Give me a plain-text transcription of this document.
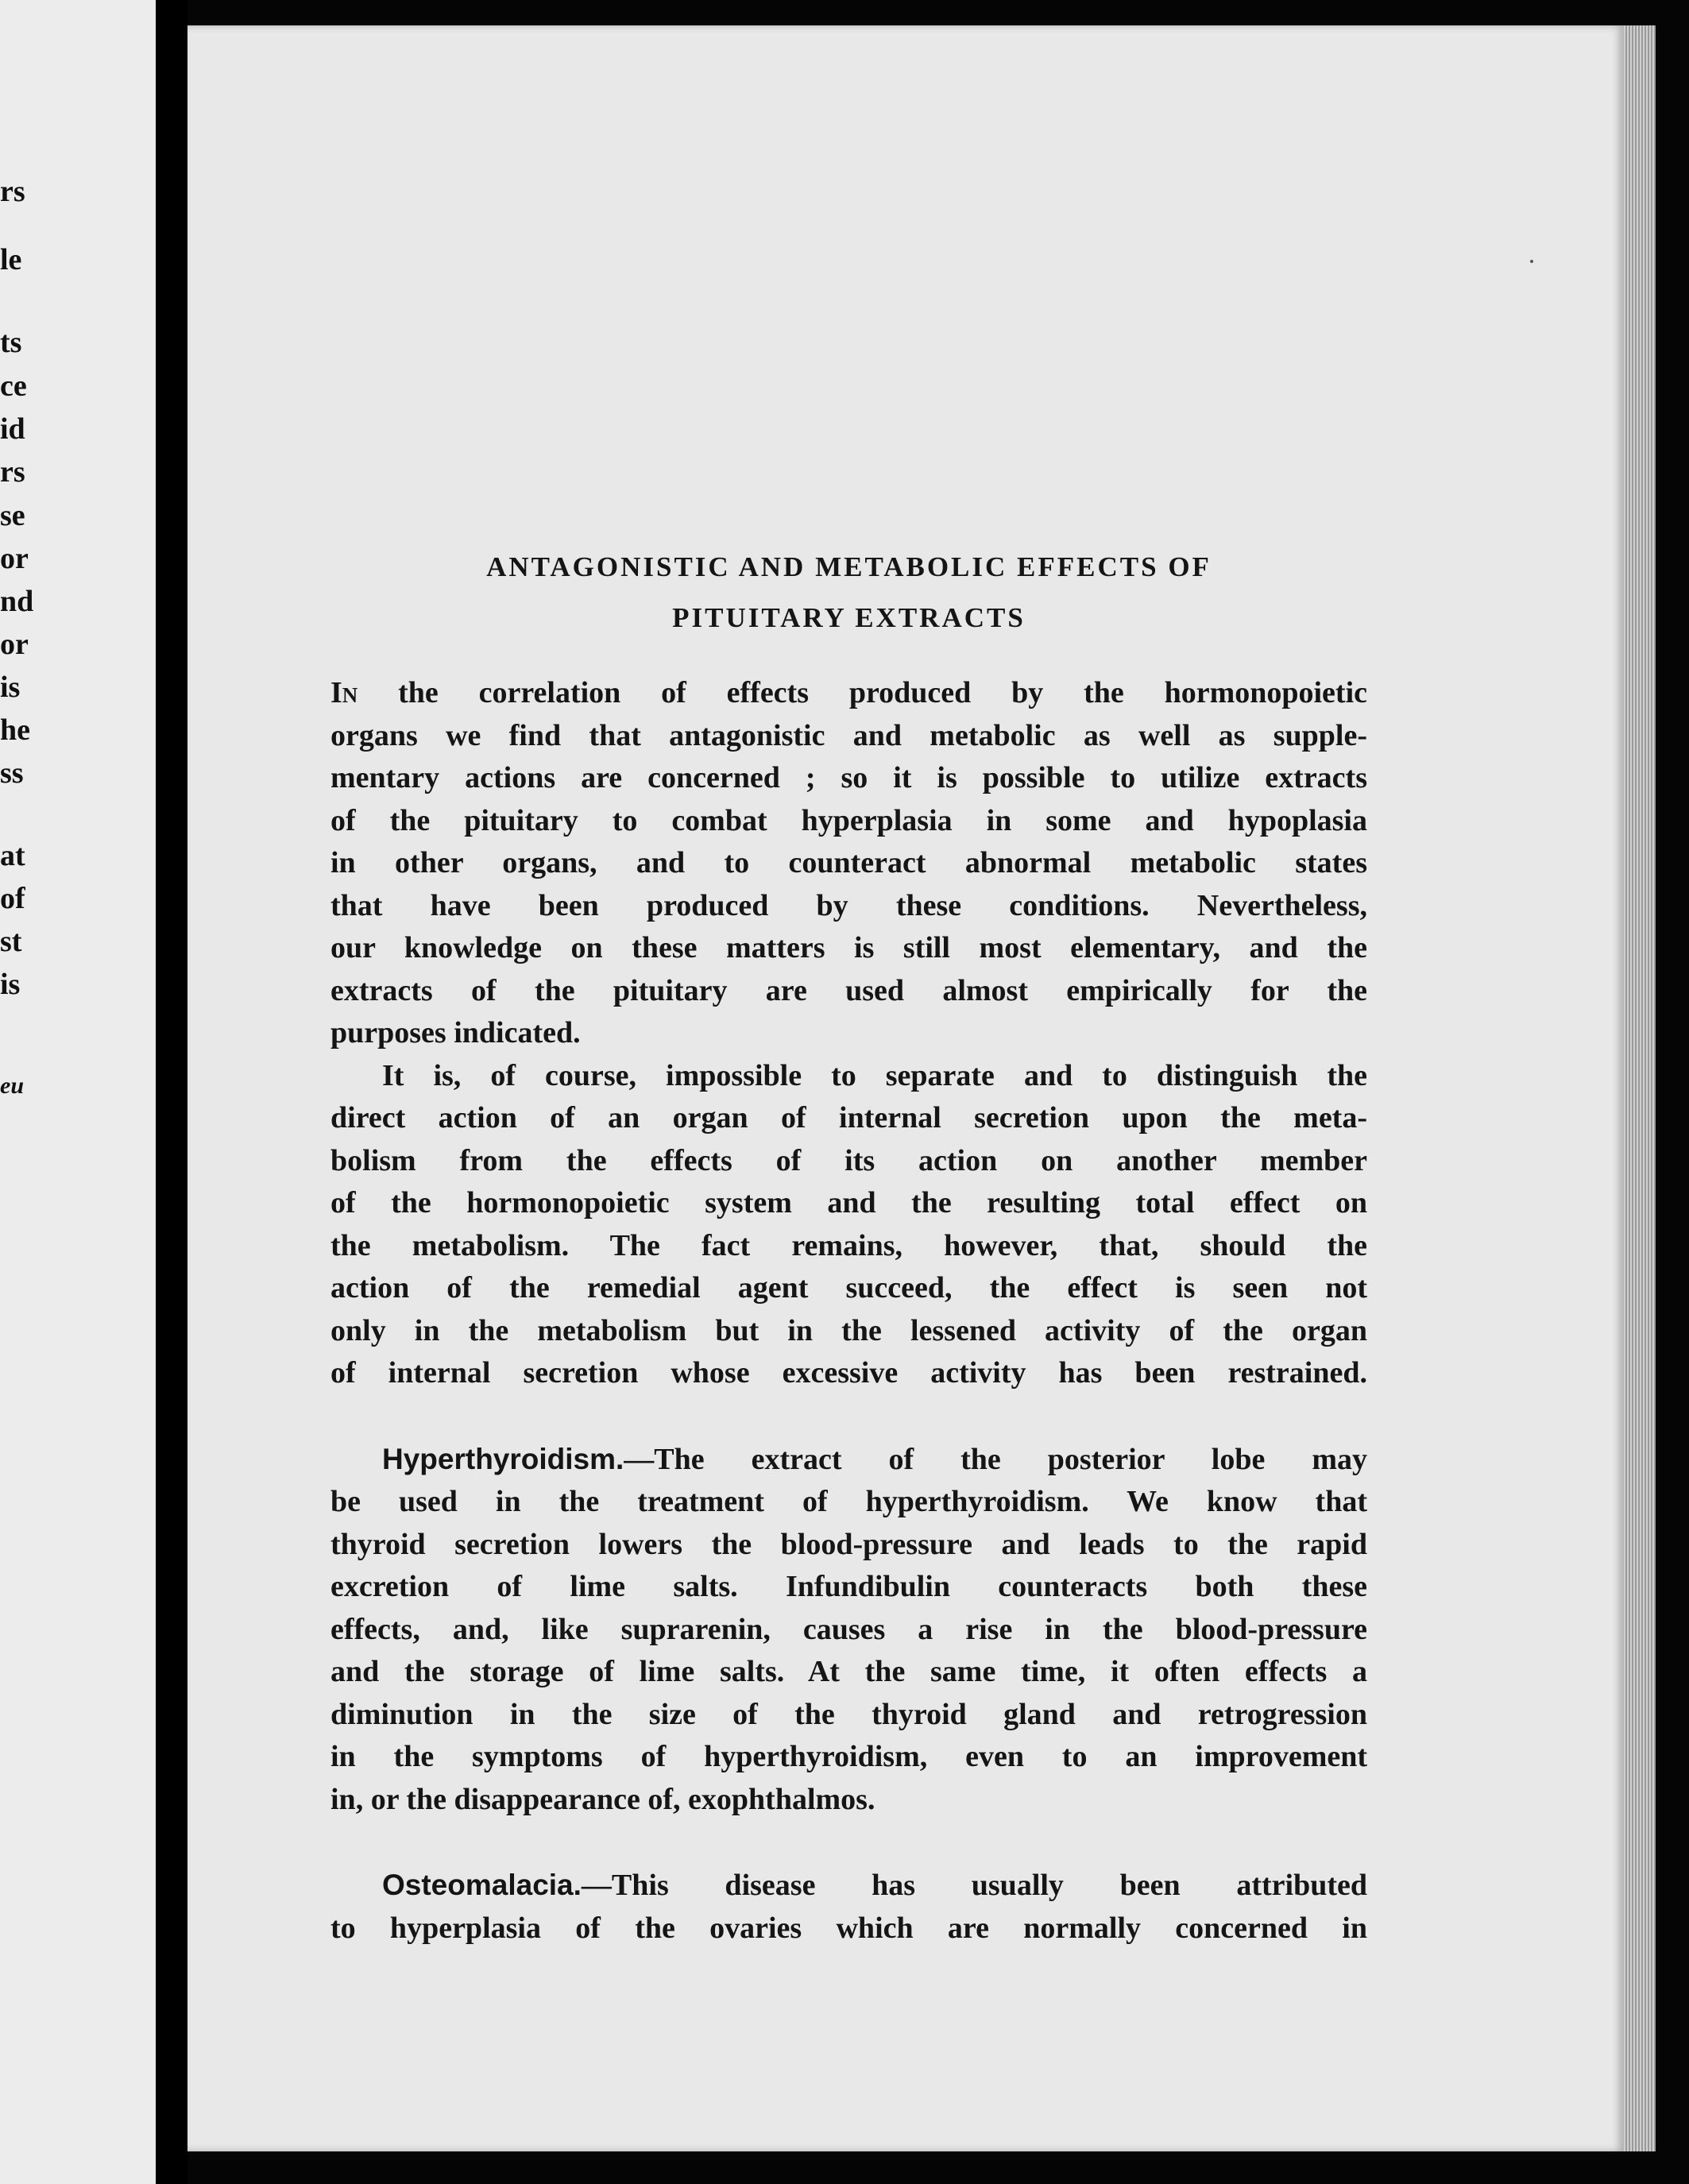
rs
le
ts
ce
id
rs
se
or
nd
or
is
he
ss
at
of
st
is
eu
ANTAGONISTIC AND METABOLIC EFFECTS OF
PITUITARY EXTRACTS

In the correlation of effects produced by the hormonopoietic
organs we find that antagonistic and metabolic as well as supple-
mentary actions are concerned ; so it is possible to utilize extracts
of the pituitary to combat hyperplasia in some and hypoplasia
in other organs, and to counteract abnormal metabolic states
that have been produced by these conditions. Nevertheless,
our knowledge on these matters is still most elementary, and the
extracts of the pituitary are used almost empirically for the
purposes indicated.

It is, of course, impossible to separate and to distinguish the
direct action of an organ of internal secretion upon the meta-
bolism from the effects of its action on another member
of the hormonopoietic system and the resulting total effect on
the metabolism. The fact remains, however, that, should the
action of the remedial agent succeed, the effect is seen not
only in the metabolism but in the lessened activity of the organ
of internal secretion whose excessive activity has been restrained.

Hyperthyroidism.—The extract of the posterior lobe may
be used in the treatment of hyperthyroidism. We know that
thyroid secretion lowers the blood-pressure and leads to the rapid
excretion of lime salts. Infundibulin counteracts both these
effects, and, like suprarenin, causes a rise in the blood-pressure
and the storage of lime salts. At the same time, it often effects a
diminution in the size of the thyroid gland and retrogression
in the symptoms of hyperthyroidism, even to an improvement
in, or the disappearance of, exophthalmos.

Osteomalacia.—This disease has usually been attributed
to hyperplasia of the ovaries which are normally concerned in
